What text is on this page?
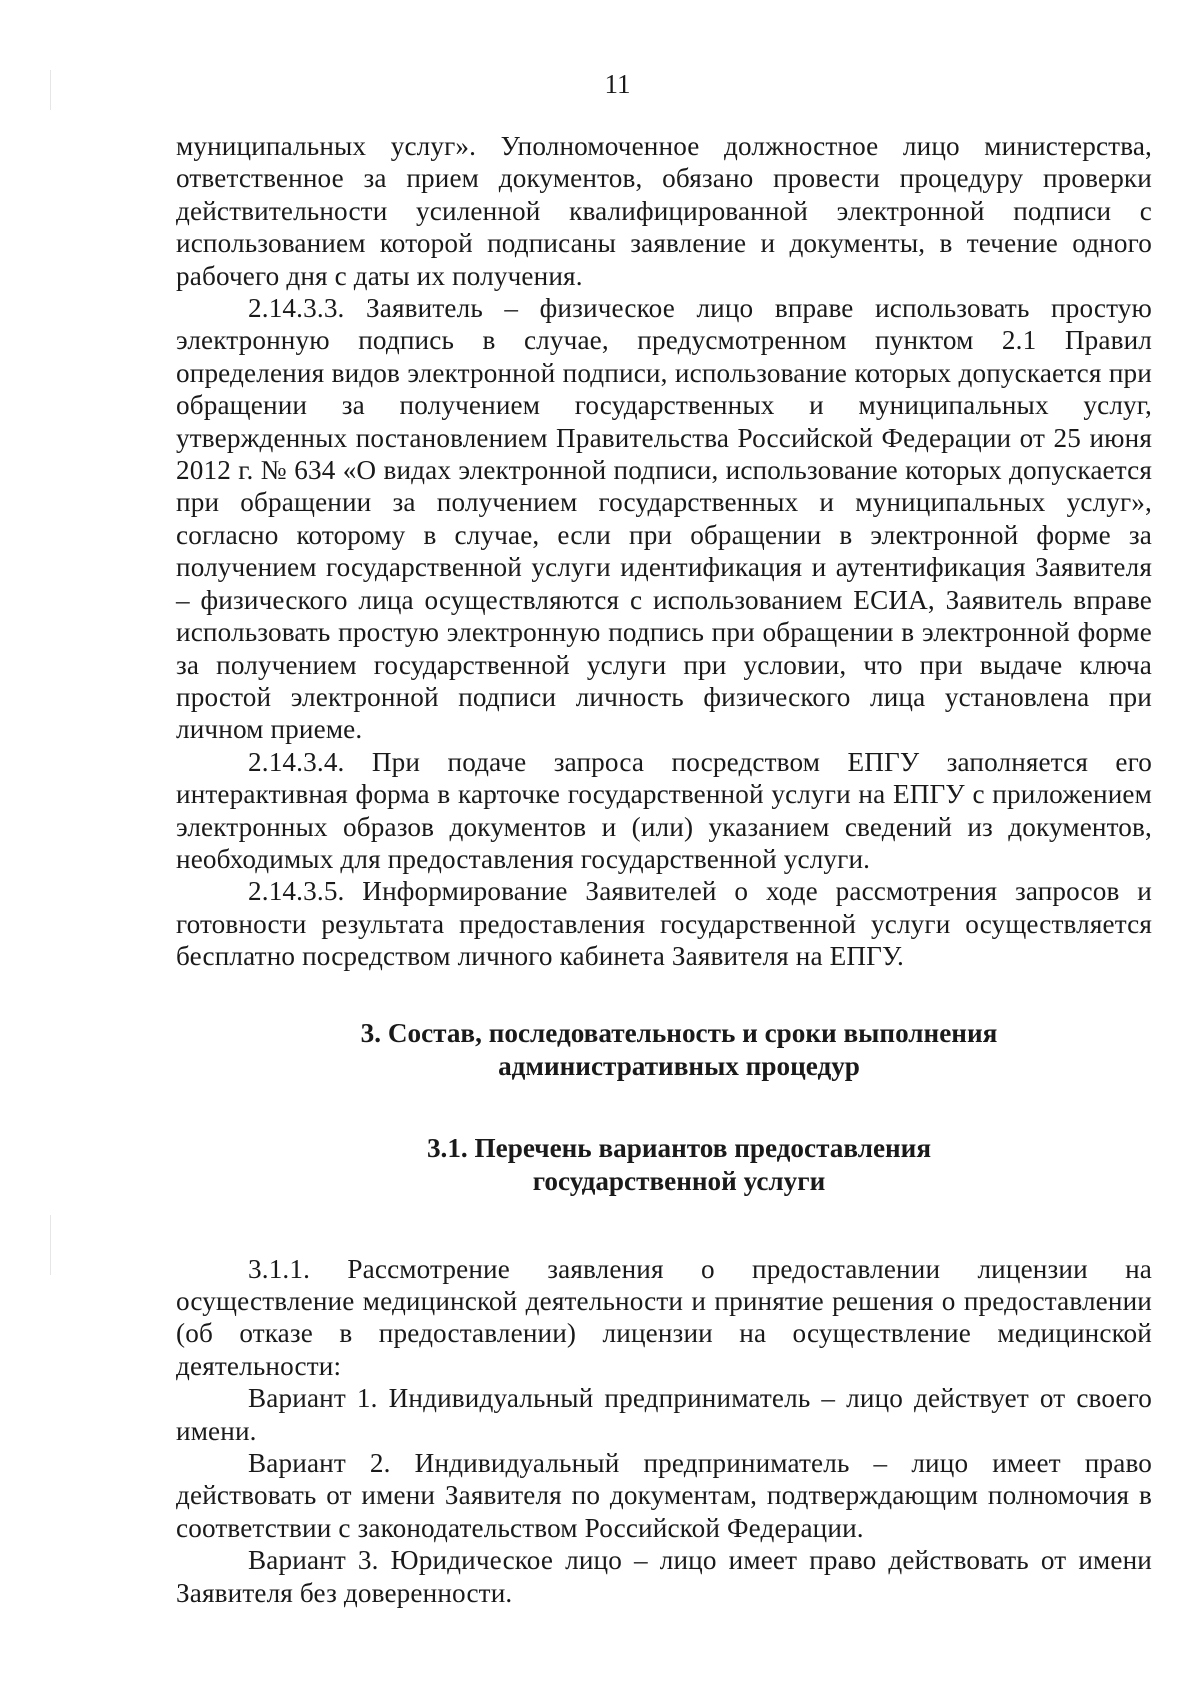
11

муниципальных услуг». Уполномоченное должностное лицо министерства, ответственное за прием документов, обязано провести процедуру проверки действительности усиленной квалифицированной электронной подписи с использованием которой подписаны заявление и документы, в течение одного рабочего дня с даты их получения.

2.14.3.3. Заявитель – физическое лицо вправе использовать простую электронную подпись в случае, предусмотренном пунктом 2.1 Правил определения видов электронной подписи, использование которых допускается при обращении за получением государственных и муниципальных услуг, утвержденных постановлением Правительства Российской Федерации от 25 июня 2012 г. № 634 «О видах электронной подписи, использование которых допускается при обращении за получением государственных и муниципальных услуг», согласно которому в случае, если при обращении в электронной форме за получением государственной услуги идентификация и аутентификация Заявителя – физического лица осуществляются с использованием ЕСИА, Заявитель вправе использовать простую электронную подпись при обращении в электронной форме за получением государственной услуги при условии, что при выдаче ключа простой электронной подписи личность физического лица установлена при личном приеме.

2.14.3.4. При подаче запроса посредством ЕПГУ заполняется его интерактивная форма в карточке государственной услуги на ЕПГУ с приложением электронных образов документов и (или) указанием сведений из документов, необходимых для предоставления государственной услуги.

2.14.3.5. Информирование Заявителей о ходе рассмотрения запросов и готовности результата предоставления государственной услуги осуществляется бесплатно посредством личного кабинета Заявителя на ЕПГУ.

3. Состав, последовательность и сроки выполнения
административных процедур
3.1. Перечень вариантов предоставления
государственной услуги

3.1.1. Рассмотрение заявления о предоставлении лицензии на осуществление медицинской деятельности и принятие решения о предоставлении (об отказе в предоставлении) лицензии на осуществление медицинской деятельности:

Вариант 1. Индивидуальный предприниматель – лицо действует от своего имени.

Вариант 2. Индивидуальный предприниматель – лицо имеет право действовать от имени Заявителя по документам, подтверждающим полномочия в соответствии с законодательством Российской Федерации.

Вариант 3. Юридическое лицо – лицо имеет право действовать от имени Заявителя без доверенности.
